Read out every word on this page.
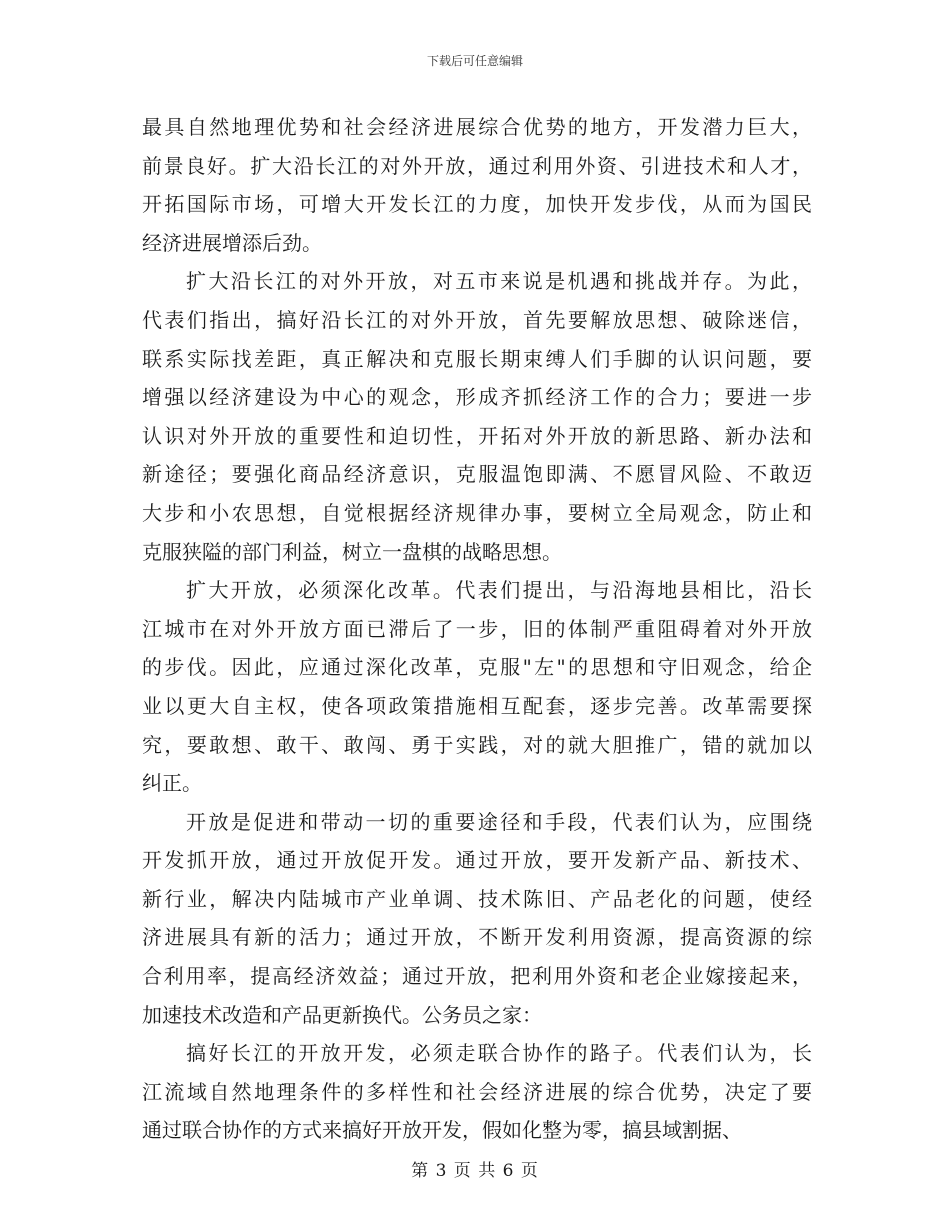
下载后可任意编辑
最具自然地理优势和社会经济进展综合优势的地方，开发潜力巨大，
前景良好。扩大沿长江的对外开放，通过利用外资、引进技术和人才，
开拓国际市场，可增大开发长江的力度，加快开发步伐，从而为国民
经济进展增添后劲。
扩大沿长江的对外开放，对五市来说是机遇和挑战并存。为此，
代表们指出，搞好沿长江的对外开放，首先要解放思想、破除迷信，
联系实际找差距，真正解决和克服长期束缚人们手脚的认识问题，要
增强以经济建设为中心的观念，形成齐抓经济工作的合力；要进一步
认识对外开放的重要性和迫切性，开拓对外开放的新思路、新办法和
新途径；要强化商品经济意识，克服温饱即满、不愿冒风险、不敢迈
大步和小农思想，自觉根据经济规律办事，要树立全局观念，防止和
克服狭隘的部门利益，树立一盘棋的战略思想。
扩大开放，必须深化改革。代表们提出，与沿海地县相比，沿长
江城市在对外开放方面已滞后了一步，旧的体制严重阻碍着对外开放
的步伐。因此，应通过深化改革，克服"左"的思想和守旧观念，给企
业以更大自主权，使各项政策措施相互配套，逐步完善。改革需要探
究，要敢想、敢干、敢闯、勇于实践，对的就大胆推广，错的就加以
纠正。
开放是促进和带动一切的重要途径和手段，代表们认为，应围绕
开发抓开放，通过开放促开发。通过开放，要开发新产品、新技术、
新行业，解决内陆城市产业单调、技术陈旧、产品老化的问题，使经
济进展具有新的活力；通过开放，不断开发利用资源，提高资源的综
合利用率，提高经济效益；通过开放，把利用外资和老企业嫁接起来，
加速技术改造和产品更新换代。公务员之家：
搞好长江的开放开发，必须走联合协作的路子。代表们认为，长
江流域自然地理条件的多样性和社会经济进展的综合优势，决定了要
通过联合协作的方式来搞好开放开发，假如化整为零，搞县域割据、
第 3 页 共 6 页
